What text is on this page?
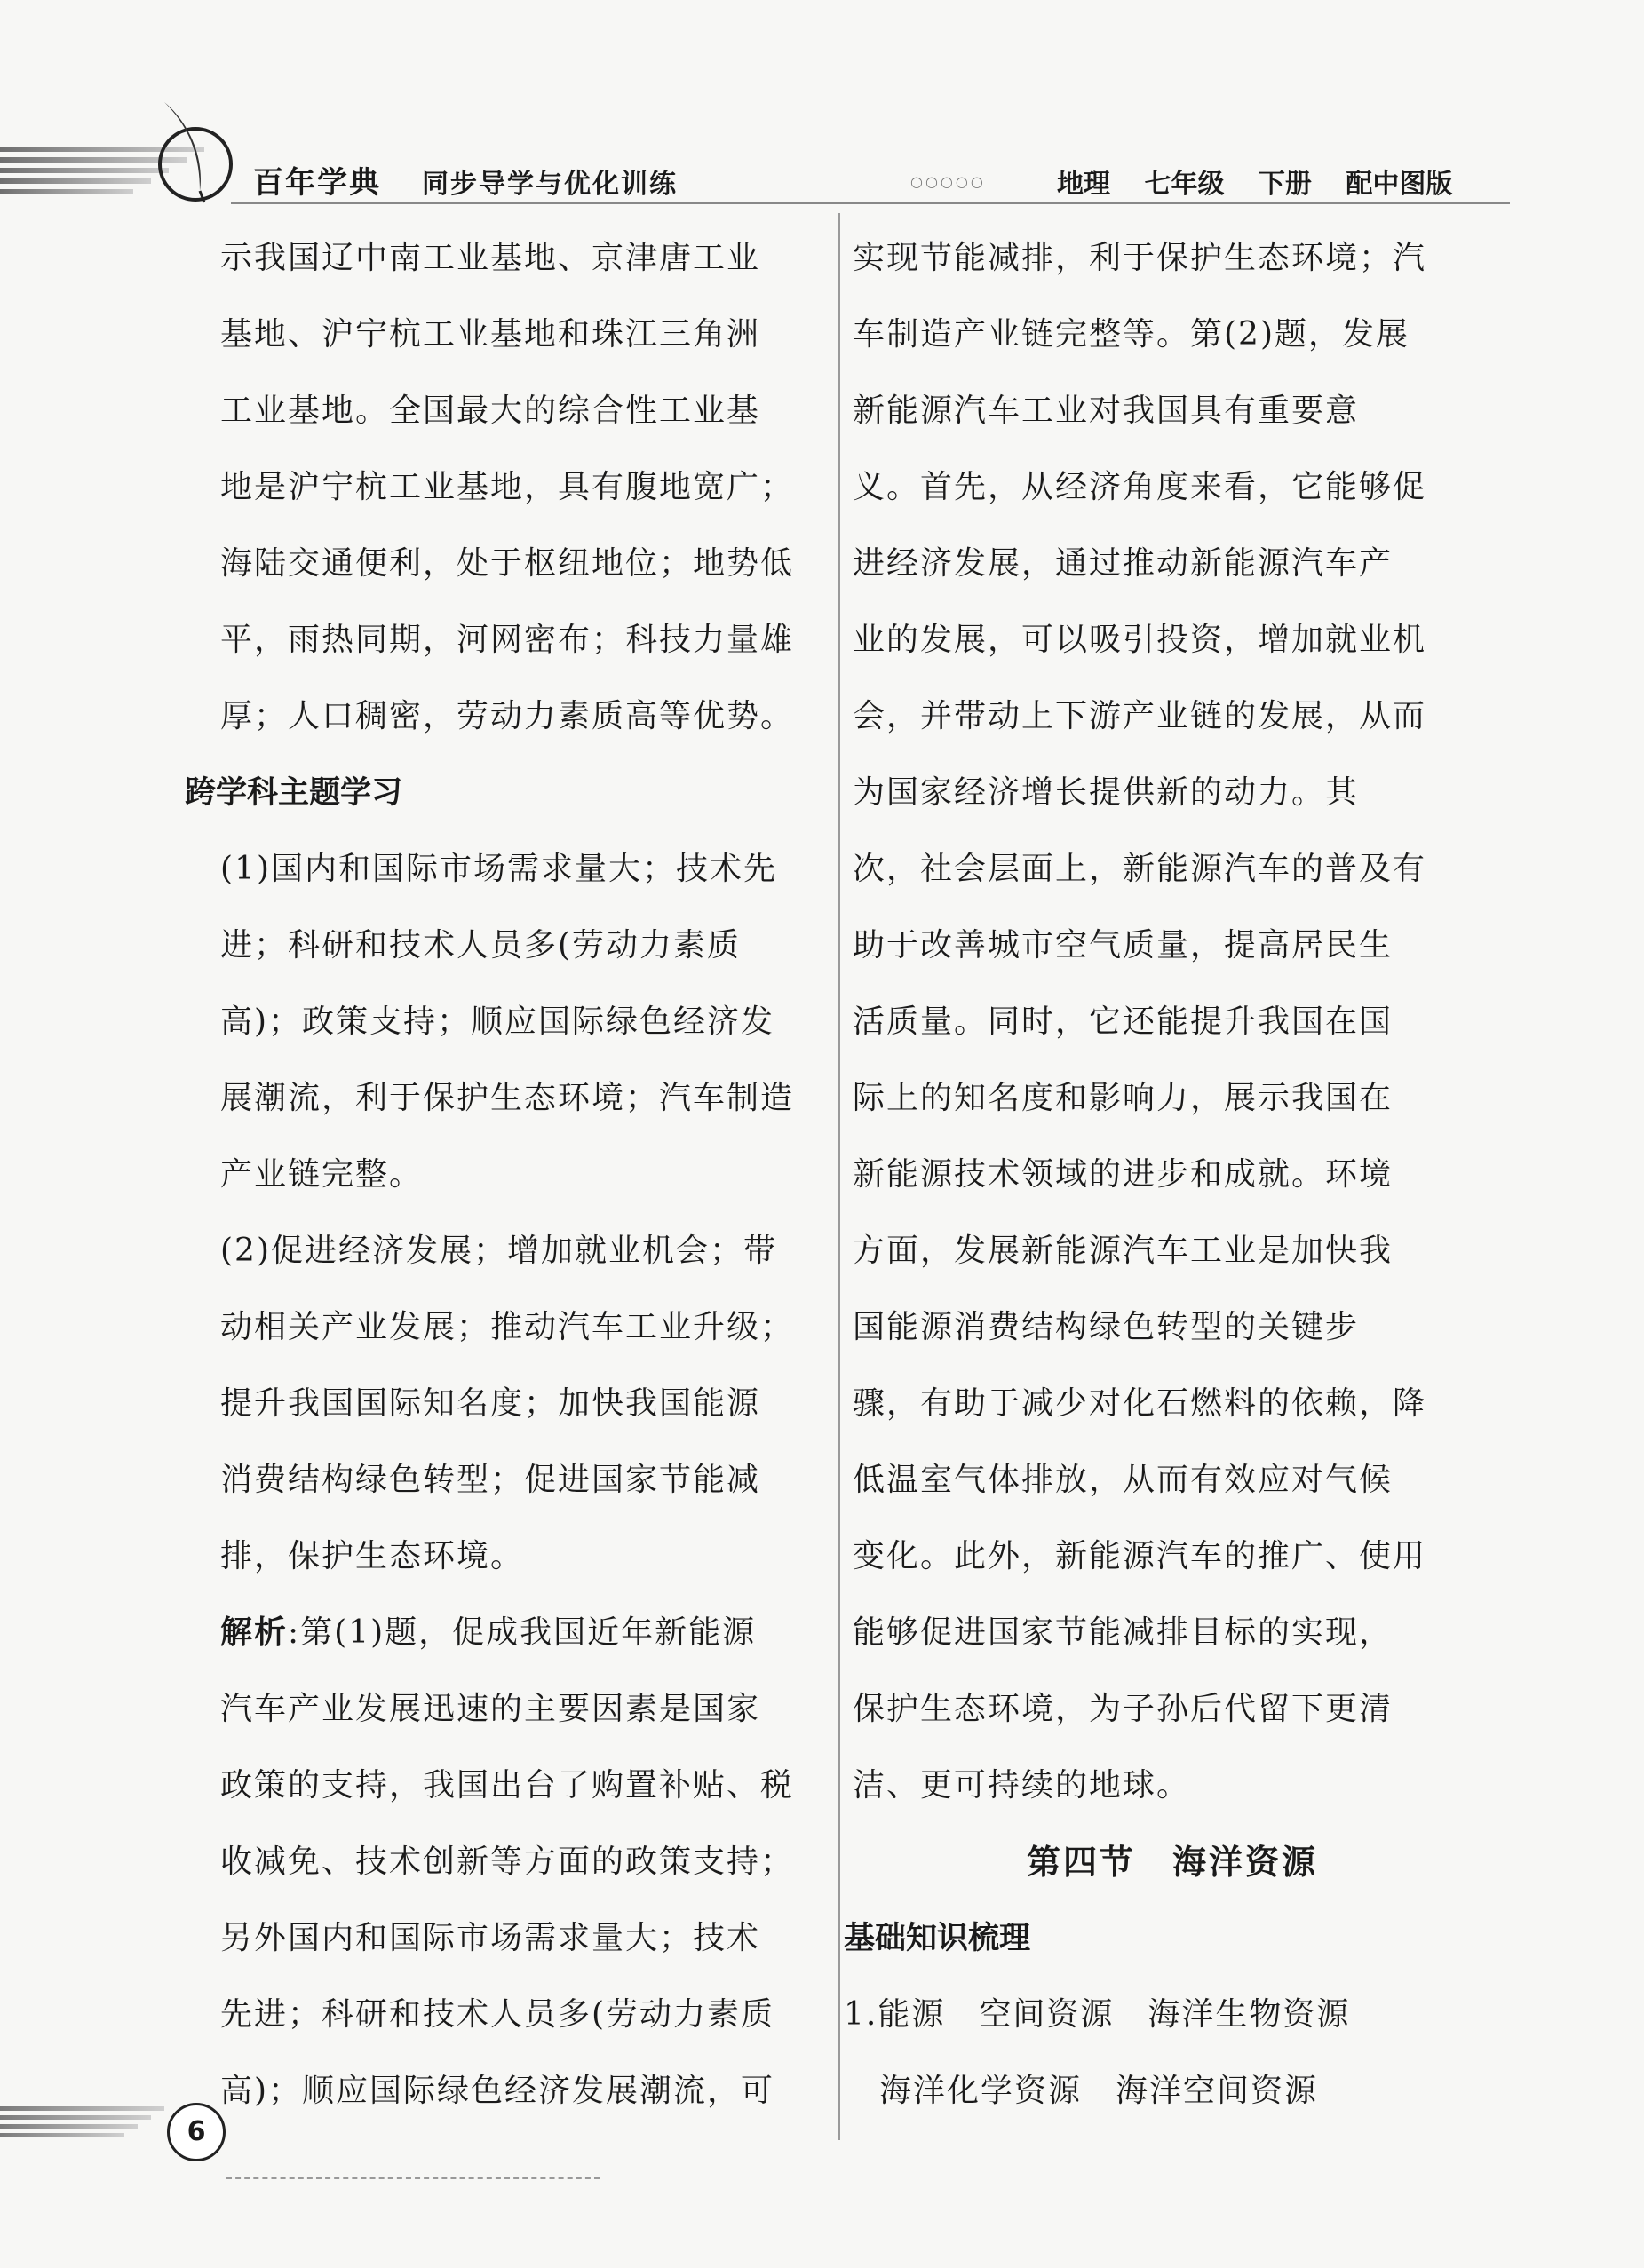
百年学典 同步导学与优化训练	○○○○○	地理 七年级 下册 配中图版
示我国辽中南工业基地、京津唐工业
基地、沪宁杭工业基地和珠江三角洲
工业基地。全国最大的综合性工业基
地是沪宁杭工业基地，具有腹地宽广；
海陆交通便利，处于枢纽地位；地势低
平，雨热同期，河网密布；科技力量雄
厚；人口稠密，劳动力素质高等优势。
跨学科主题学习
(1)国内和国际市场需求量大；技术先
进；科研和技术人员多(劳动力素质
高)；政策支持；顺应国际绿色经济发
展潮流，利于保护生态环境；汽车制造
产业链完整。
(2)促进经济发展；增加就业机会；带
动相关产业发展；推动汽车工业升级；
提升我国国际知名度；加快我国能源
消费结构绿色转型；促进国家节能减
排，保护生态环境。
解析:第(1)题，促成我国近年新能源
汽车产业发展迅速的主要因素是国家
政策的支持，我国出台了购置补贴、税
收减免、技术创新等方面的政策支持；
另外国内和国际市场需求量大；技术
先进；科研和技术人员多(劳动力素质
高)；顺应国际绿色经济发展潮流，可
实现节能减排，利于保护生态环境；汽
车制造产业链完整等。第(2)题，发展
新能源汽车工业对我国具有重要意
义。首先，从经济角度来看，它能够促
进经济发展，通过推动新能源汽车产
业的发展，可以吸引投资，增加就业机
会，并带动上下游产业链的发展，从而
为国家经济增长提供新的动力。其
次，社会层面上，新能源汽车的普及有
助于改善城市空气质量，提高居民生
活质量。同时，它还能提升我国在国
际上的知名度和影响力，展示我国在
新能源技术领域的进步和成就。环境
方面，发展新能源汽车工业是加快我
国能源消费结构绿色转型的关键步
骤，有助于减少对化石燃料的依赖，降
低温室气体排放，从而有效应对气候
变化。此外，新能源汽车的推广、使用
能够促进国家节能减排目标的实现，
保护生态环境，为子孙后代留下更清
洁、更可持续的地球。
第四节　海洋资源
基础知识梳理
1.能源　空间资源　海洋生物资源
海洋化学资源　海洋空间资源
6
